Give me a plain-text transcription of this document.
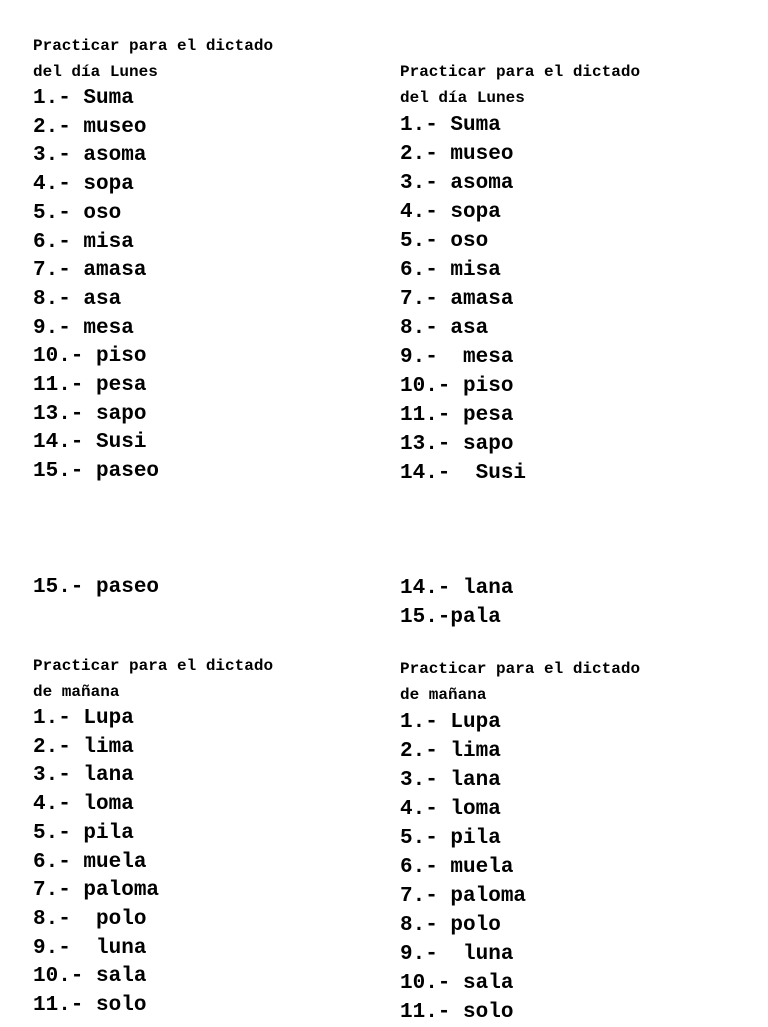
Practicar para el dictado
del día Lunes
1.- Suma
2.- museo
3.- asoma
4.- sopa
5.- oso
6.- misa
7.- amasa
8.- asa
9.- mesa
10.- piso
11.- pesa
13.- sapo
14.- Susi
15.- paseo
Practicar para el dictado
del día Lunes
1.- Suma
2.- museo
3.- asoma
4.- sopa
5.- oso
6.- misa
7.- amasa
8.- asa
9.-  mesa
10.- piso
11.- pesa
13.- sapo
14.-  Susi
15.- paseo	14.- lana
15.-pala
Practicar para el dictado
de mañana
1.- Lupa
2.- lima
3.- lana
4.- loma
5.- pila
6.- muela
7.- paloma
8.-  polo
9.-  luna
10.- sala
11.- solo
Practicar para el dictado
de mañana
1.- Lupa
2.- lima
3.- lana
4.- loma
5.- pila
6.- muela
7.- paloma
8.- polo
9.-  luna
10.- sala
11.- solo
